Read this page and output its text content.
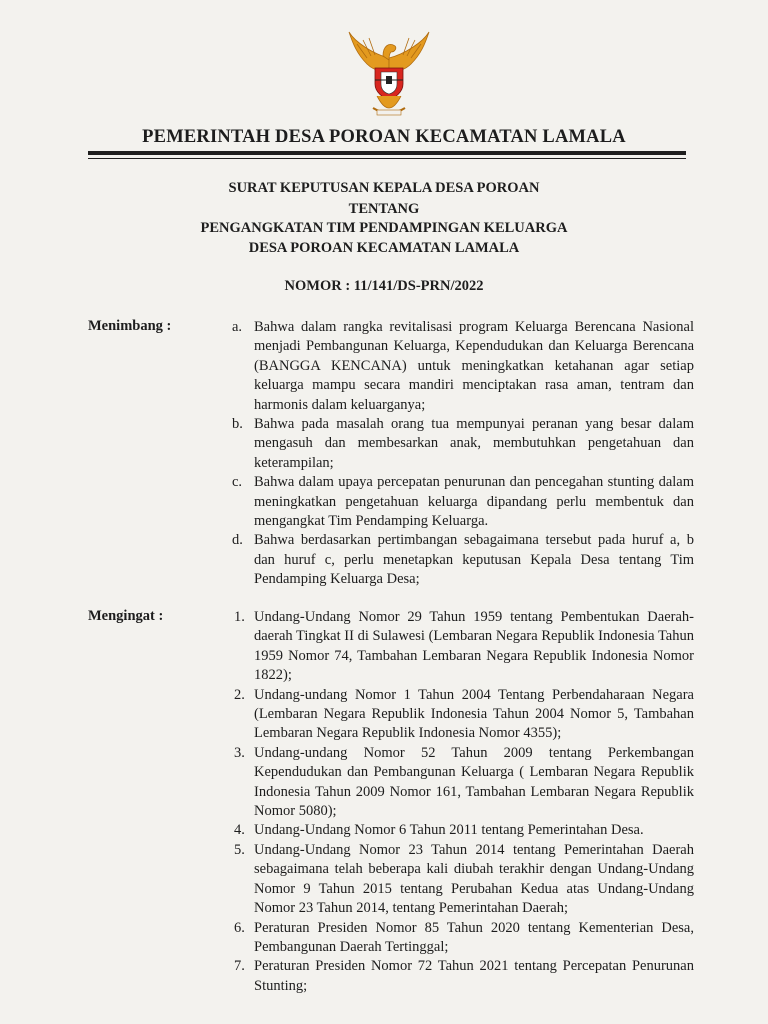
PEMERINTAH DESA POROAN KECAMATAN LAMALA
SURAT KEPUTUSAN KEPALA DESA POROAN
TENTANG
PENGANGKATAN TIM PENDAMPINGAN KELUARGA
DESA POROAN KECAMATAN LAMALA
NOMOR : 11/141/DS-PRN/2022
Menimbang :	a. Bahwa dalam rangka revitalisasi program Keluarga Berencana Nasional menjadi Pembangunan Keluarga, Kependudukan dan Keluarga Berencana (BANGGA KENCANA) untuk meningkatkan ketahanan agar setiap keluarga mampu secara mandiri menciptakan rasa aman, tentram dan harmonis dalam keluarganya;
b. Bahwa pada masalah orang tua mempunyai peranan yang besar dalam mengasuh dan membesarkan anak, membutuhkan pengetahuan dan keterampilan;
c. Bahwa dalam upaya percepatan penurunan dan pencegahan stunting dalam meningkatkan pengetahuan keluarga dipandang perlu membentuk dan mengangkat Tim Pendamping Keluarga.
d. Bahwa berdasarkan pertimbangan sebagaimana tersebut pada huruf a, b dan huruf c, perlu menetapkan keputusan Kepala Desa tentang Tim Pendamping Keluarga Desa;
Mengingat :	1. Undang-Undang Nomor 29 Tahun 1959 tentang Pembentukan Daerah-daerah Tingkat II di Sulawesi (Lembaran Negara Republik Indonesia Tahun 1959 Nomor 74, Tambahan Lembaran Negara Republik Indonesia Nomor 1822);
2. Undang-undang Nomor 1 Tahun 2004 Tentang Perbendaharaan Negara (Lembaran Negara Republik Indonesia Tahun 2004 Nomor 5, Tambahan Lembaran Negara Republik Indonesia Nomor 4355);
3. Undang-undang Nomor 52 Tahun 2009 tentang Perkembangan Kependudukan dan Pembangunan Keluarga ( Lembaran Negara Republik Indonesia Tahun 2009 Nomor 161, Tambahan Lembaran Negara Republik Nomor 5080);
4. Undang-Undang Nomor 6 Tahun 2011 tentang Pemerintahan Desa.
5. Undang-Undang Nomor 23 Tahun 2014 tentang Pemerintahan Daerah sebagaimana telah beberapa kali diubah terakhir dengan Undang-Undang Nomor 9 Tahun 2015 tentang Perubahan Kedua atas Undang-Undang Nomor 23 Tahun 2014, tentang Pemerintahan Daerah;
6. Peraturan Presiden Nomor 85 Tahun 2020 tentang Kementerian Desa, Pembangunan Daerah Tertinggal;
7. Peraturan Presiden Nomor 72 Tahun 2021 tentang Percepatan Penurunan Stunting;
